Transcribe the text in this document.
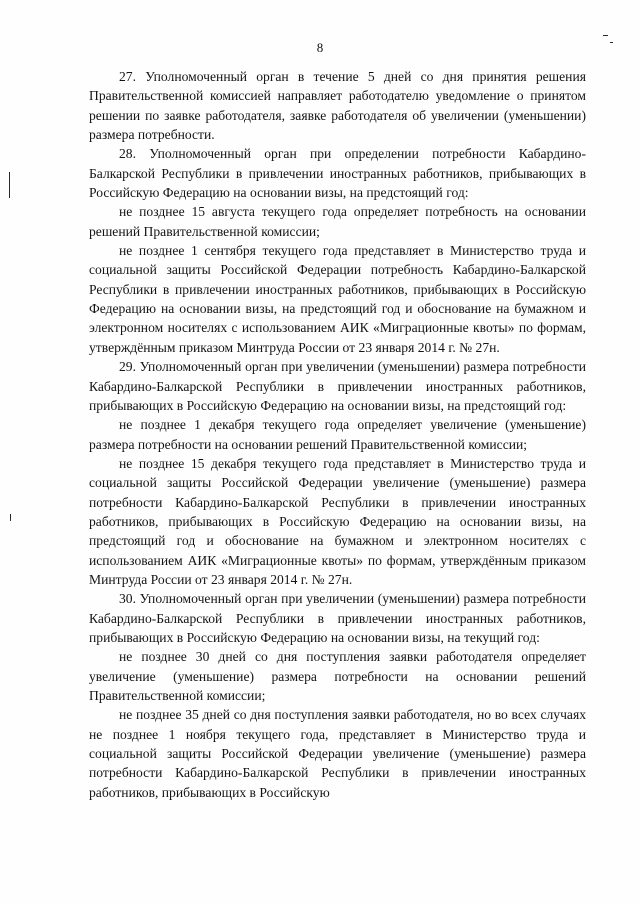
8

27. Уполномоченный орган в течение 5 дней со дня принятия решения Правительственной комиссией направляет работодателю уведомление о принятом решении по заявке работодателя, заявке работодателя об увеличении (уменьшении) размера потребности.

28. Уполномоченный орган при определении потребности Кабардино-Балкарской Республики в привлечении иностранных работников, прибывающих в Российскую Федерацию на основании визы, на предстоящий год:

не позднее 15 августа текущего года определяет потребность на основании решений Правительственной комиссии;

не позднее 1 сентября текущего года представляет в Министерство труда и социальной защиты Российской Федерации потребность Кабардино-Балкарской Республики в привлечении иностранных работников, прибывающих в Российскую Федерацию на основании визы, на предстоящий год и обоснование на бумажном и электронном носителях с использованием АИК «Миграционные квоты» по формам, утверждённым приказом Минтруда России от 23 января 2014 г. № 27н.

29. Уполномоченный орган при увеличении (уменьшении) размера потребности Кабардино-Балкарской Республики в привлечении иностранных работников, прибывающих в Российскую Федерацию на основании визы, на предстоящий год:

не позднее 1 декабря текущего года определяет увеличение (уменьшение) размера потребности на основании решений Правительственной комиссии;

не позднее 15 декабря текущего года представляет в Министерство труда и социальной защиты Российской Федерации увеличение (уменьшение) размера потребности Кабардино-Балкарской Республики в привлечении иностранных работников, прибывающих в Российскую Федерацию на основании визы, на предстоящий год и обоснование на бумажном и электронном носителях с использованием АИК «Миграционные квоты» по формам, утверждённым приказом Минтруда России от 23 января 2014 г. № 27н.

30. Уполномоченный орган при увеличении (уменьшении) размера потребности Кабардино-Балкарской Республики в привлечении иностранных работников, прибывающих в Российскую Федерацию на основании визы, на текущий год:

не позднее 30 дней со дня поступления заявки работодателя определяет увеличение (уменьшение) размера потребности на основании решений Правительственной комиссии;

не позднее 35 дней со дня поступления заявки работодателя, но во всех случаях не позднее 1 ноября текущего года, представляет в Министерство труда и социальной защиты Российской Федерации увеличение (уменьшение) размера потребности Кабардино-Балкарской Республики в привлечении иностранных работников, прибывающих в Российскую
